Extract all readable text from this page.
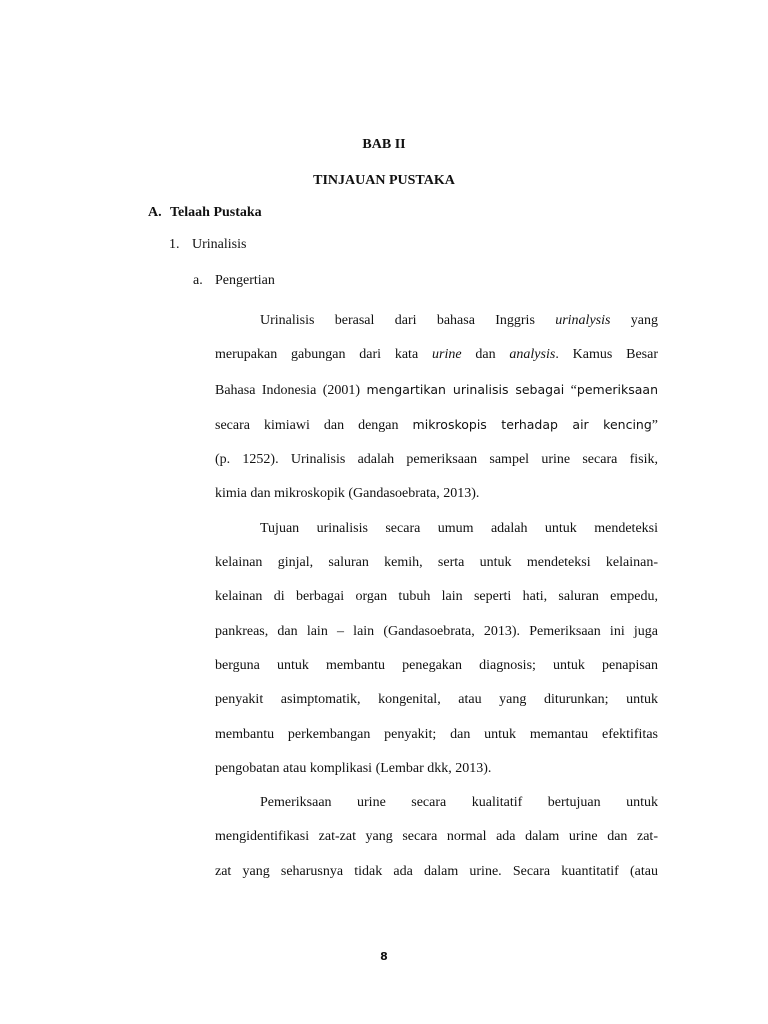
BAB II

TINJAUAN PUSTAKA

A. Telaah Pustaka

1. Urinalisis

a. Pengertian

Urinalisis berasal dari bahasa Inggris urinalysis yang
merupakan gabungan dari kata urine dan analysis. Kamus Besar
Bahasa Indonesia (2001) mengartikan urinalisis sebagai “pemeriksaan
secara kimiawi dan dengan mikroskopis terhadap air kencing”
(p. 1252). Urinalisis adalah pemeriksaan sampel urine secara fisik,
kimia dan mikroskopik (Gandasoebrata, 2013).
Tujuan urinalisis secara umum adalah untuk mendeteksi
kelainan ginjal, saluran kemih, serta untuk mendeteksi kelainan-
kelainan di berbagai organ tubuh lain seperti hati, saluran empedu,
pankreas, dan lain – lain (Gandasoebrata, 2013). Pemeriksaan ini juga
berguna untuk membantu penegakan diagnosis; untuk penapisan
penyakit asimptomatik, kongenital, atau yang diturunkan; untuk
membantu perkembangan penyakit; dan untuk memantau efektifitas
pengobatan atau komplikasi (Lembar dkk, 2013).
Pemeriksaan urine secara kualitatif bertujuan untuk
mengidentifikasi zat-zat yang secara normal ada dalam urine dan zat-
zat yang seharusnya tidak ada dalam urine. Secara kuantitatif (atau

8
